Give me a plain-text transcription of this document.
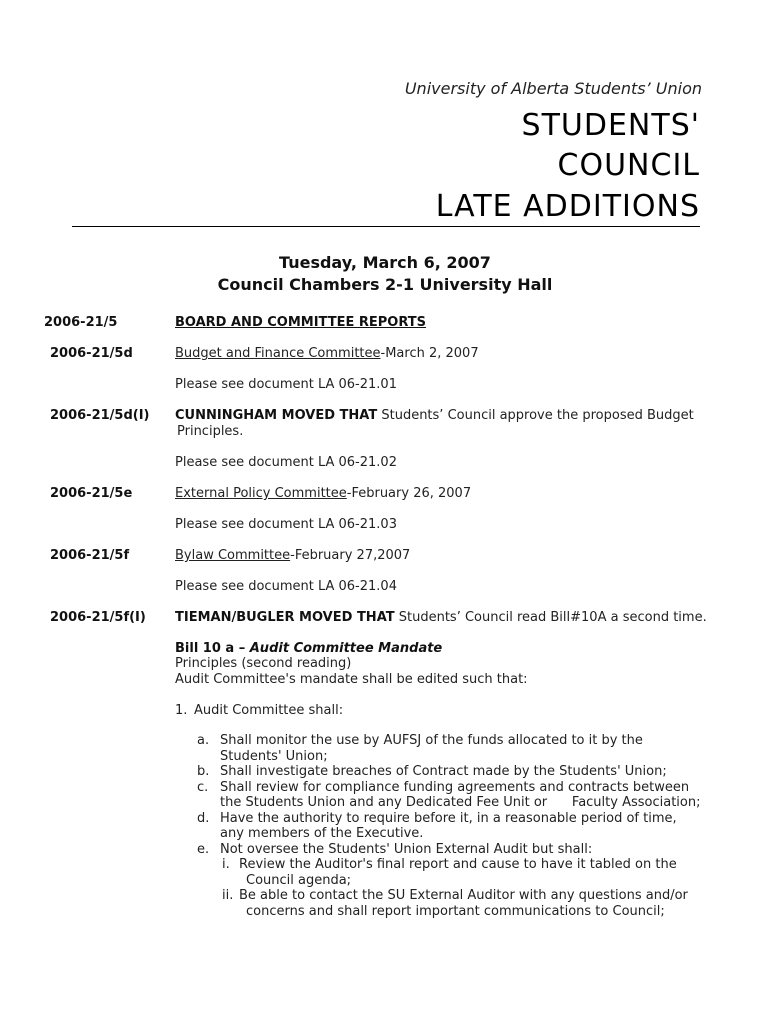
University of Alberta Students’ Union
STUDENTS'
COUNCIL
LATE ADDITIONS
Tuesday, March 6, 2007
Council Chambers 2-1 University Hall
2006-21/5	BOARD AND COMMITTEE REPORTS
2006-21/5d	Budget and Finance Committee-March 2, 2007
Please see document LA 06-21.01
2006-21/5d(I) CUNNINGHAM MOVED THAT Students’ Council approve the proposed Budget
Principles.
Please see document LA 06-21.02
2006-21/5e	External Policy Committee-February 26, 2007
Please see document LA 06-21.03
2006-21/5f	Bylaw Committee-February 27,2007
Please see document LA 06-21.04
2006-21/5f(I) TIEMAN/BUGLER MOVED THAT Students’ Council read Bill#10A a second time.
Bill 10 a – Audit Committee Mandate
Principles (second reading)
Audit Committee's mandate shall be edited such that:
1. Audit Committee shall:
a. Shall monitor the use by AUFSJ of the funds allocated to it by the
Students' Union;
b. Shall investigate breaches of Contract made by the Students' Union;
c. Shall review for compliance funding agreements and contracts between
the Students Union and any Dedicated Fee Unit or      Faculty Association;
d. Have the authority to require before it, in a reasonable period of time,
any members of the Executive.
e. Not oversee the Students' Union External Audit but shall:
i. Review the Auditor's final report and cause to have it tabled on the
Council agenda;
ii. Be able to contact the SU External Auditor with any questions and/or
concerns and shall report important communications to Council;
